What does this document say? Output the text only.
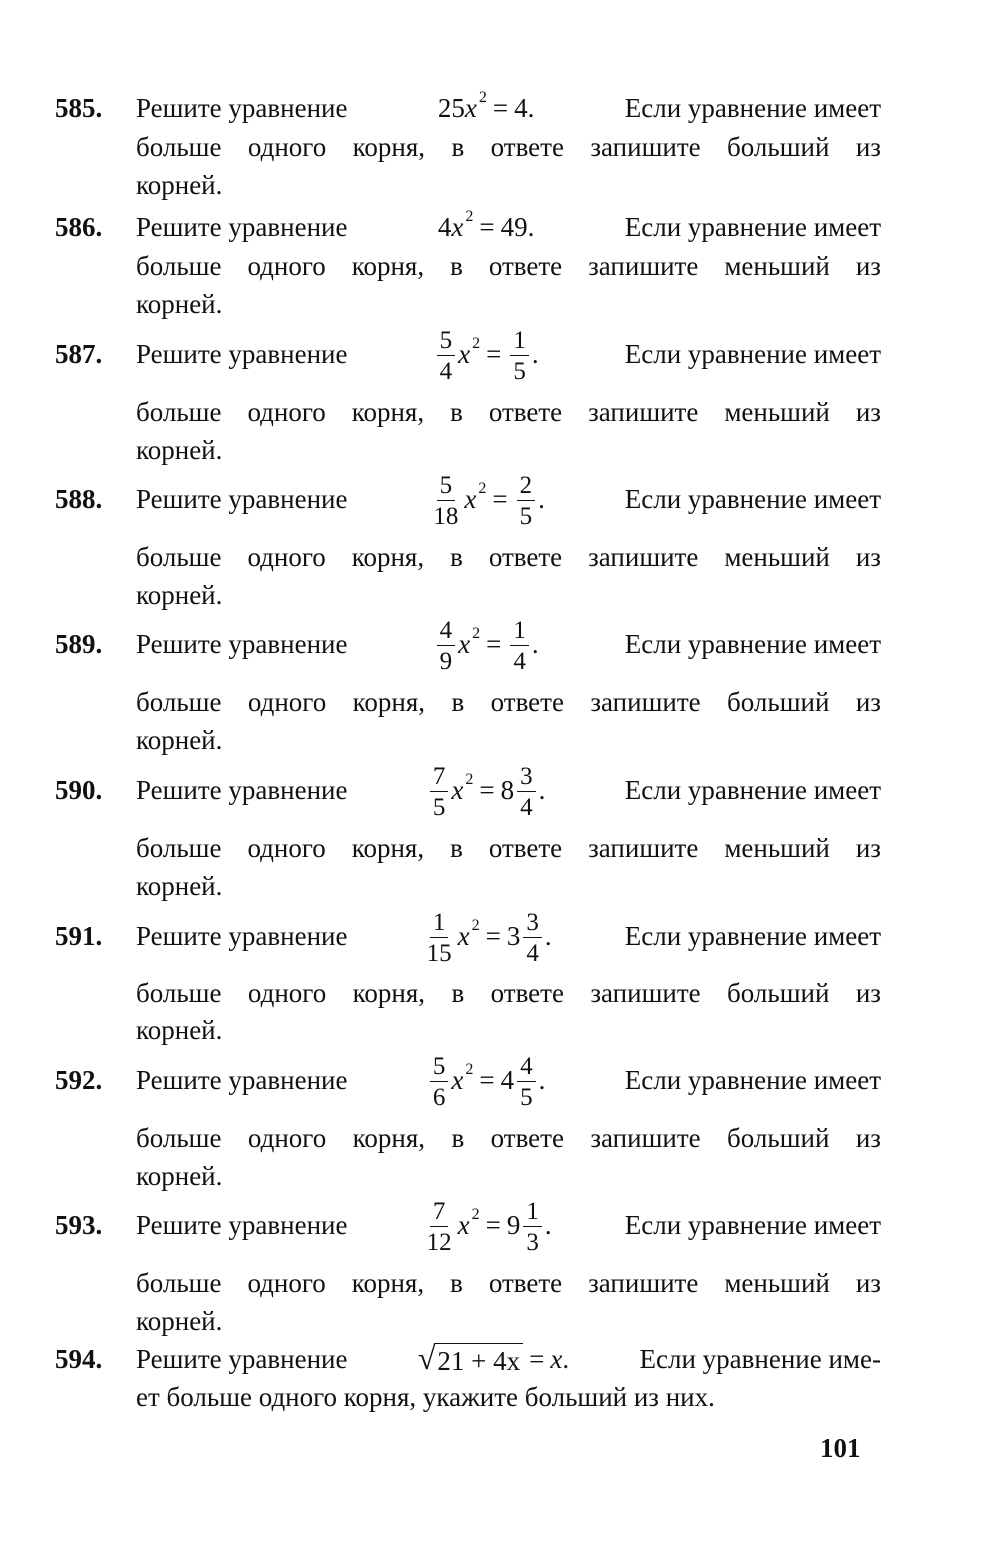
585. Решите уравнение	25 $x^2 = 4$ .	Если уравнение имеет
больше одного корня, в ответе запишите больший из
корней.
586. Решите уравнение	4 $x^2 = 49$ .	Если уравнение имеет
больше одного корня, в ответе запишите меньший из
корней.
587. Решите уравнение	$\frac{5}{4} x^2 = \frac{1}{5}$ .	Если уравнение имеет
больше одного корня, в ответе запишите меньший из
корней.
588. Решите уравнение	$\frac{5}{18} x^2 = \frac{2}{5}$ .	Если уравнение имеет
больше одного корня, в ответе запишите меньший из
корней.
589. Решите уравнение	$\frac{4}{9} x^2 = \frac{1}{4}$ .	Если уравнение имеет
больше одного корня, в ответе запишите больший из
корней.
590. Решите уравнение	$\frac{7}{5} x^2 = 8 \frac{3}{4}$ .	Если уравнение имеет
больше одного корня, в ответе запишите меньший из
корней.
591. Решите уравнение	$\frac{1}{15} x^2 = 3 \frac{3}{4}$ .	Если уравнение имеет
больше одного корня, в ответе запишите больший из
корней.
592. Решите уравнение	$\frac{5}{6} x^2 = 4 \frac{4}{5}$ .	Если уравнение имеет
больше одного корня, в ответе запишите больший из
корней.
593. Решите уравнение	$\frac{7}{12} x^2 = 9 \frac{1}{3}$ .	Если уравнение имеет
больше одного корня, в ответе запишите меньший из
корней.
594. Решите уравнение √ 21 + 4x = x .	Если уравнение име-
ет больше одного корня, укажите больший из них.
101
